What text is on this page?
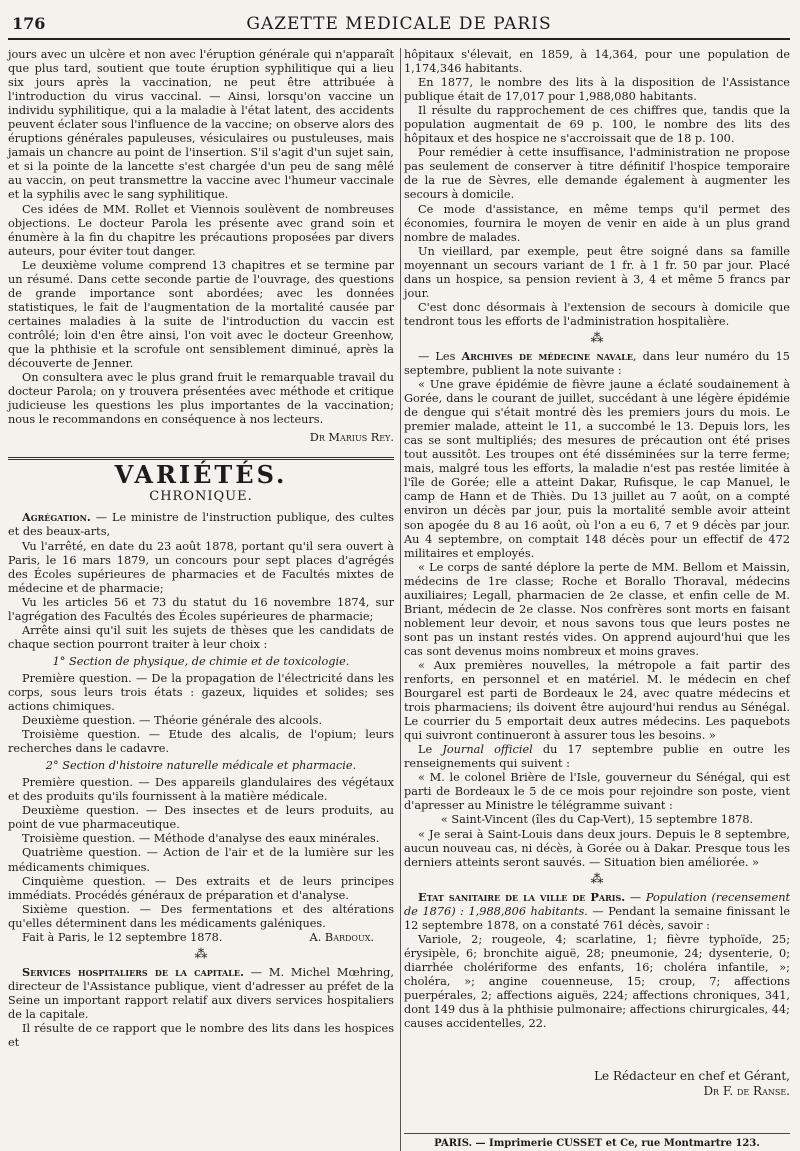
176	GAZETTE MEDICALE DE PARIS

jours avec un ulcère et non avec l'éruption générale qui n'apparaît que plus tard, soutient que toute éruption syphilitique qui a lieu six jours après la vaccination, ne peut être attribuée à l'introduction du virus vaccinal. — Ainsi, lorsqu'on vaccine un individu syphilitique, qui a la maladie à l'état latent, des accidents peuvent éclater sous l'influence de la vaccine; on observe alors des éruptions générales papuleuses, vésiculaires ou pustuleuses, mais jamais un chancre au point de l'insertion. S'il s'agit d'un sujet sain, et si la pointe de la lancette s'est chargée d'un peu de sang mêlé au vaccin, on peut transmettre la vaccine avec l'humeur vaccinale et la syphilis avec le sang syphilitique.

Ces idées de MM. Rollet et Viennois soulèvent de nombreuses objections. Le docteur Parola les présente avec grand soin et énumère à la fin du chapitre les précautions proposées par divers auteurs, pour éviter tout danger.

Le deuxième volume comprend 13 chapitres et se termine par un résumé. Dans cette seconde partie de l'ouvrage, des questions de grande importance sont abordées; avec les données statistiques, le fait de l'augmentation de la mortalité causée par certaines maladies à la suite de l'introduction du vaccin est contrôlé; loin d'en être ainsi, l'on voit avec le docteur Greenhow, que la phthisie et la scrofule ont sensiblement diminué, après la découverte de Jenner.

On consultera avec le plus grand fruit le remarquable travail du docteur Parola; on y trouvera présentées avec méthode et critique judicieuse les questions les plus importantes de la vaccination; nous le recommandons en conséquence à nos lecteurs.

Dr Marius Rey.
VARIÉTÉS.
CHRONIQUE.

Agrégation. — Le ministre de l'instruction publique, des cultes et des beaux-arts,

Vu l'arrêté, en date du 23 août 1878, portant qu'il sera ouvert à Paris, le 16 mars 1879, un concours pour sept places d'agrégés des Écoles supérieures de pharmacies et de Facultés mixtes de médecine et de pharmacie;

Vu les articles 56 et 73 du statut du 16 novembre 1874, sur l'agrégation des Facultés des Écoles supérieures de pharmacie;

Arrête ainsi qu'il suit les sujets de thèses que les candidats de chaque section pourront traiter à leur choix :

1° Section de physique, de chimie et de toxicologie.

Première question. — De la propagation de l'électricité dans les corps, sous leurs trois états : gazeux, liquides et solides; ses actions chimiques.

Deuxième question. — Théorie générale des alcools.

Troisième question. — Etude des alcalis, de l'opium; leurs recherches dans le cadavre.

2° Section d'histoire naturelle médicale et pharmacie.

Première question. — Des appareils glandulaires des végétaux et des produits qu'ils fournissent à la matière médicale.

Deuxième question. — Des insectes et de leurs produits, au point de vue pharmaceutique.

Troisième question. — Méthode d'analyse des eaux minérales.

Quatrième question. — Action de l'air et de la lumière sur les médicaments chimiques.

Cinquième question. — Des extraits et de leurs principes immédiats. Procédés généraux de préparation et d'analyse.

Sixième question. — Des fermentations et des altérations qu'elles déterminent dans les médicaments galéniques.

Fait à Paris, le 12 septembre 1878.	A. Bardoux.

⁂

Services hospitaliers de la capitale. — M. Michel Mœhring, directeur de l'Assistance publique, vient d'adresser au préfet de la Seine un important rapport relatif aux divers services hospitaliers de la capitale.

Il résulte de ce rapport que le nombre des lits dans les hospices et

hôpitaux s'élevait, en 1859, à 14,364, pour une population de 1,174,346 habitants.

En 1877, le nombre des lits à la disposition de l'Assistance publique était de 17,017 pour 1,988,080 habitants.

Il résulte du rapprochement de ces chiffres que, tandis que la population augmentait de 69 p. 100, le nombre des lits des hôpitaux et des hospice ne s'accroissait que de 18 p. 100.

Pour remédier à cette insuffisance, l'administration ne propose pas seulement de conserver à titre définitif l'hospice temporaire de la rue de Sèvres, elle demande également à augmenter les secours à domicile.

Ce mode d'assistance, en même temps qu'il permet des économies, fournira le moyen de venir en aide à un plus grand nombre de malades.

Un vieillard, par exemple, peut être soigné dans sa famille moyennant un secours variant de 1 fr. à 1 fr. 50 par jour. Placé dans un hospice, sa pension revient à 3, 4 et même 5 francs par jour.

C'est donc désormais à l'extension de secours à domicile que tendront tous les efforts de l'administration hospitalière.

⁂

— Les Archives de médecine navale, dans leur numéro du 15 septembre, publient la note suivante :

« Une grave épidémie de fièvre jaune a éclaté soudainement à Gorée, dans le courant de juillet, succédant à une légère épidémie de dengue qui s'était montré dès les premiers jours du mois. Le premier malade, atteint le 11, a succombé le 13. Depuis lors, les cas se sont multipliés; des mesures de précaution ont été prises tout aussitôt. Les troupes ont été disséminées sur la terre ferme; mais, malgré tous les efforts, la maladie n'est pas restée limitée à l'île de Gorée; elle a atteint Dakar, Rufisque, le cap Manuel, le camp de Hann et de Thiès. Du 13 juillet au 7 août, on a compté environ un décès par jour, puis la mortalité semble avoir atteint son apogée du 8 au 16 août, où l'on a eu 6, 7 et 9 décès par jour. Au 4 septembre, on comptait 148 décès pour un effectif de 472 militaires et employés.

« Le corps de santé déplore la perte de MM. Bellom et Maissin, médecins de 1re classe; Roche et Borallo Thoraval, médecins auxiliaires; Legall, pharmacien de 2e classe, et enfin celle de M. Briant, médecin de 2e classe. Nos confrères sont morts en faisant noblement leur devoir, et nous savons tous que leurs postes ne sont pas un instant restés vides. On apprend aujourd'hui que les cas sont devenus moins nombreux et moins graves.

« Aux premières nouvelles, la métropole a fait partir des renforts, en personnel et en matériel. M. le médecin en chef Bourgarel est parti de Bordeaux le 24, avec quatre médecins et trois pharmaciens; ils doivent être aujourd'hui rendus au Sénégal. Le courrier du 5 emportait deux autres médecins. Les paquebots qui suivront continueront à assurer tous les besoins. »

Le Journal officiel du 17 septembre publie en outre les renseignements qui suivent :

« M. le colonel Brière de l'Isle, gouverneur du Sénégal, qui est parti de Bordeaux le 5 de ce mois pour rejoindre son poste, vient d'apresser au Ministre le télégramme suivant :

« Saint-Vincent (îles du Cap-Vert), 15 septembre 1878.

« Je serai à Saint-Louis dans deux jours. Depuis le 8 septembre, aucun nouveau cas, ni décès, à Gorée ou à Dakar. Presque tous les derniers atteints seront sauvés. — Situation bien améliorée. »

⁂

Etat sanitaire de la ville de Paris. — Population (recensement de 1876) : 1,988,806 habitants. — Pendant la semaine finissant le 12 septembre 1878, on a constaté 761 décès, savoir :

Variole, 2; rougeole, 4; scarlatine, 1; fièvre typhoïde, 25; érysipèle, 6; bronchite aiguë, 28; pneumonie, 24; dysenterie, 0; diarrhée cholériforme des enfants, 16; choléra infantile, »; choléra, »; angine couenneuse, 15; croup, 7; affections puerpérales, 2; affections aiguës, 224; affections chroniques, 341, dont 149 dus à la phthisie pulmonaire; affections chirurgicales, 44; causes accidentelles, 22.

Le Rédacteur en chef et Gérant,
Dr F. de Ranse.
PARIS. — Imprimerie CUSSET et Ce, rue Montmartre 123.
